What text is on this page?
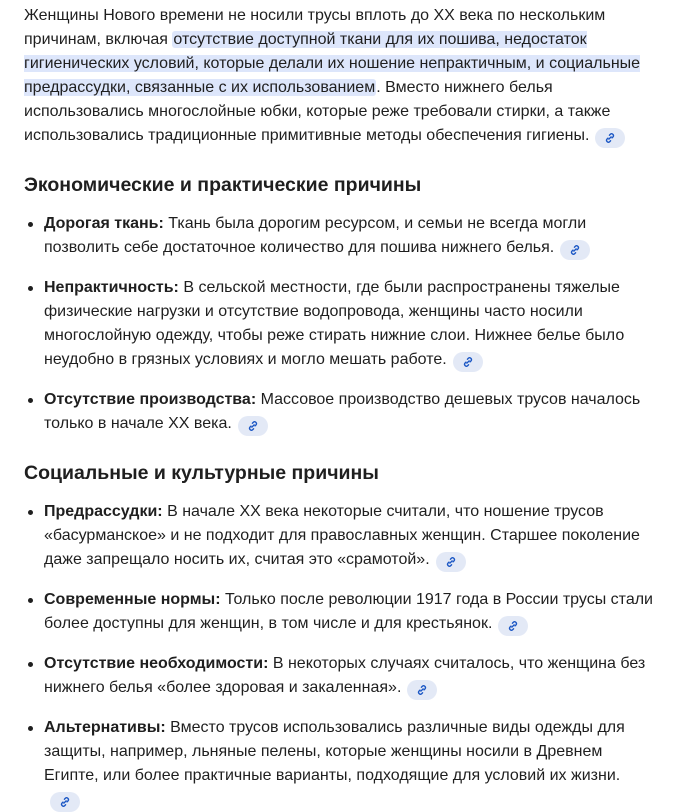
Женщины Нового времени не носили трусы вплоть до XX века по нескольким причинам, включая отсутствие доступной ткани для их пошива, недостаток гигиенических условий, которые делали их ношение непрактичным, и социальные предрассудки, связанные с их использованием. Вместо нижнего белья использовались многослойные юбки, которые реже требовали стирки, а также использовались традиционные примитивные методы обеспечения гигиены.

Экономические и практические причины
Дорогая ткань: Ткань была дорогим ресурсом, и семьи не всегда могли позволить себе достаточное количество для пошива нижнего белья.
Непрактичность: В сельской местности, где были распространены тяжелые физические нагрузки и отсутствие водопровода, женщины часто носили многослойную одежду, чтобы реже стирать нижние слои. Нижнее белье было неудобно в грязных условиях и могло мешать работе.
Отсутствие производства: Массовое производство дешевых трусов началось только в начале XX века.
Социальные и культурные причины
Предрассудки: В начале XX века некоторые считали, что ношение трусов «басурманское» и не подходит для православных женщин. Старшее поколение даже запрещало носить их, считая это «срамотой».
Современные нормы: Только после революции 1917 года в России трусы стали более доступны для женщин, в том числе и для крестьянок.
Отсутствие необходимости: В некоторых случаях считалось, что женщина без нижнего белья «более здоровая и закаленная».
Альтернативы: Вместо трусов использовались различные виды одежды для защиты, например, льняные пелены, которые женщины носили в Древнем Египте, или более практичные варианты, подходящие для условий их жизни.
